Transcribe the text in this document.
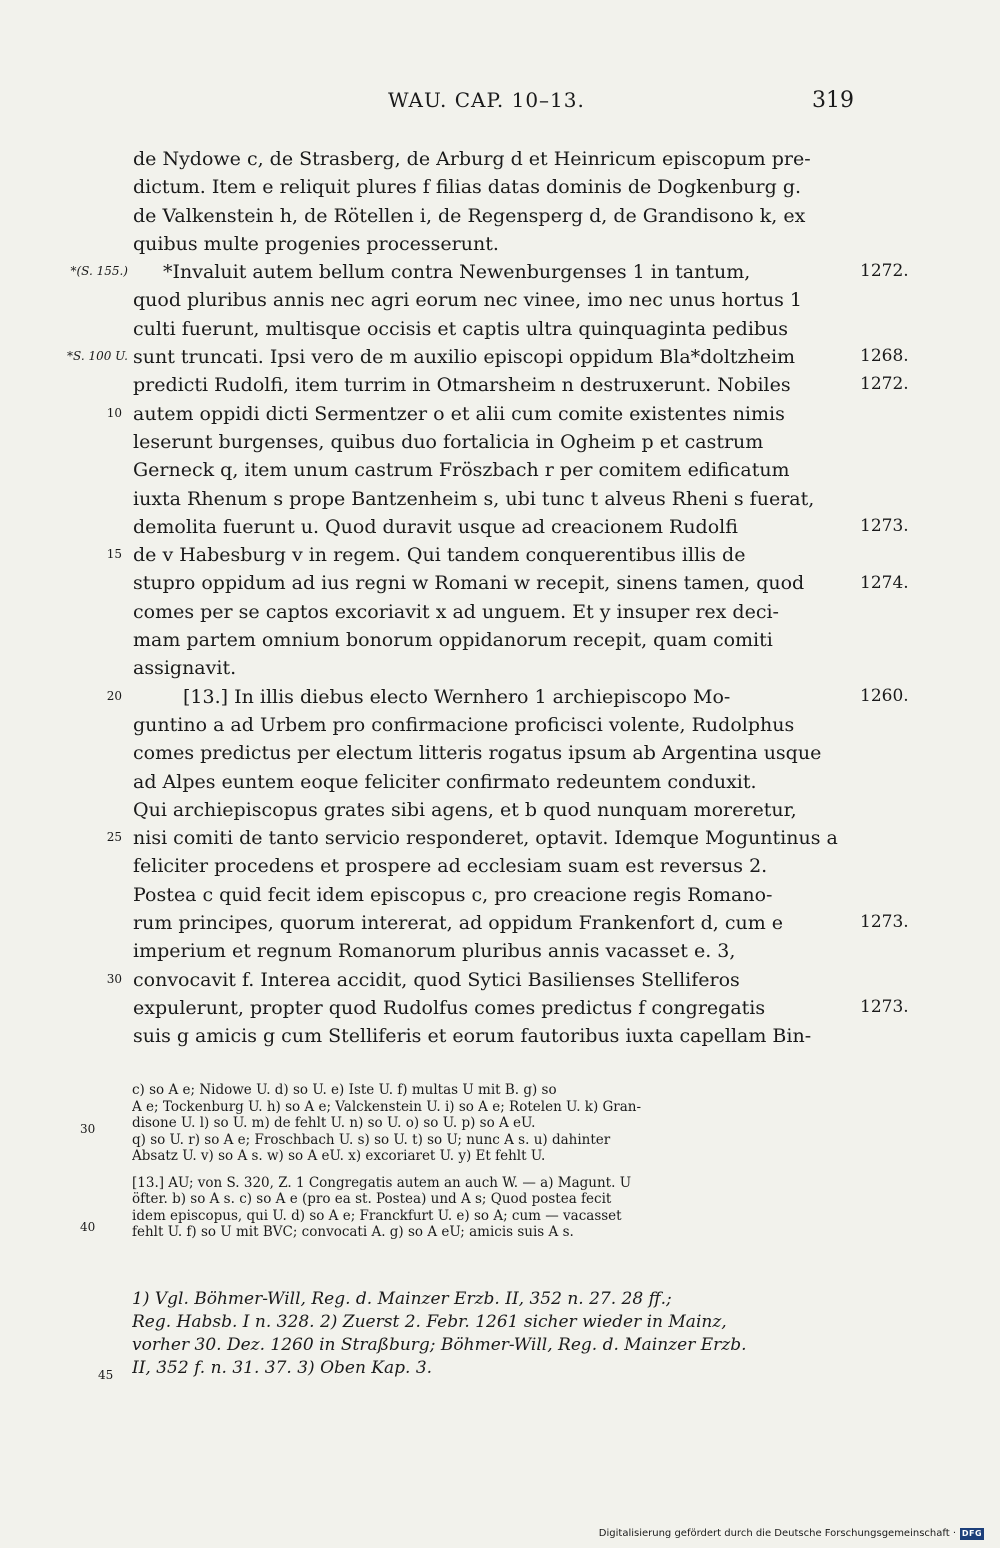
WAU. CAP. 10–13.	319
*(S. 155.)
*S. 100 U.
10
15
20
25
30
de Nydowe c, de Strasberg, de Arburg d et Heinricum episcopum pre-
dictum. Item e reliquit plures f filias datas dominis de Dogkenburg g.
de Valkenstein h, de Rötellen i, de Regensperg d, de Grandisono k, ex
quibus multe progenies processerunt.
*Invaluit autem bellum contra Newenburgenses 1 in tantum,
quod pluribus annis nec agri eorum nec vinee, imo nec unus hortus 1
culti fuerunt, multisque occisis et captis ultra quinquaginta pedibus
sunt truncati. Ipsi vero de m auxilio episcopi oppidum Bla*doltzheim
predicti Rudolfi, item turrim in Otmarsheim n destruxerunt. Nobiles
autem oppidi dicti Sermentzer o et alii cum comite existentes nimis
leserunt burgenses, quibus duo fortalicia in Ogheim p et castrum
Gerneck q, item unum castrum Fröszbach r per comitem edificatum
iuxta Rhenum s prope Bantzenheim s, ubi tunc t alveus Rheni s fuerat,
demolita fuerunt u. Quod duravit usque ad creacionem Rudolfi
de v Habesburg v in regem. Qui tandem conquerentibus illis de
stupro oppidum ad ius regni w Romani w recepit, sinens tamen, quod
comes per se captos excoriavit x ad unguem. Et y insuper rex deci-
mam partem omnium bonorum oppidanorum recepit, quam comiti
assignavit.
[13.] In illis diebus electo Wernhero 1 archiepiscopo Mo-
guntino a ad Urbem pro confirmacione proficisci volente, Rudolphus
comes predictus per electum litteris rogatus ipsum ab Argentina usque
ad Alpes euntem eoque feliciter confirmato redeuntem conduxit.
Qui archiepiscopus grates sibi agens, et b quod nunquam moreretur,
nisi comiti de tanto servicio responderet, optavit. Idemque Moguntinus a
feliciter procedens et prospere ad ecclesiam suam est reversus 2.
Postea c quid fecit idem episcopus c, pro creacione regis Romano-
rum principes, quorum intererat, ad oppidum Frankenfort d, cum e
imperium et regnum Romanorum pluribus annis vacasset e. 3,
convocavit f. Interea accidit, quod Sytici Basilienses Stelliferos
expulerunt, propter quod Rudolfus comes predictus f congregatis
suis g amicis g cum Stelliferis et eorum fautoribus iuxta capellam Bin-
1272.
1268.
1272.
1273.
1274.
1260.
1273.
1273.
c) so A e; Nidowe U. d) so U. e) Iste U. f) multas U mit B. g) so
A e; Tockenburg U. h) so A e; Valckenstein U. i) so A e; Rotelen U. k) Gran-
disone U. l) so U. m) de fehlt U. n) so U. o) so U. p) so A eU.
q) so U. r) so A e; Froschbach U. s) so U. t) so U; nunc A s. u) dahinter
Absatz U. v) so A s. w) so A eU. x) excoriaret U. y) Et fehlt U.
[13.] AU; von S. 320, Z. 1 Congregatis autem an auch W. — a) Magunt. U
öfter. b) so A s. c) so A e (pro ea st. Postea) und A s; Quod postea fecit
idem episcopus, qui U. d) so A e; Franckfurt U. e) so A; cum — vacasset
fehlt U. f) so U mit BVC; convocati A. g) so A eU; amicis suis A s.
30
40
1) Vgl. Böhmer-Will, Reg. d. Mainzer Erzb. II, 352 n. 27. 28 ff.;
Reg. Habsb. I n. 328. 2) Zuerst 2. Febr. 1261 sicher wieder in Mainz,
vorher 30. Dez. 1260 in Straßburg; Böhmer-Will, Reg. d. Mainzer Erzb.
II, 352 f. n. 31. 37. 3) Oben Kap. 3.
45
Digitalisierung gefördert durch die Deutsche Forschungsgemeinschaft · DFG
